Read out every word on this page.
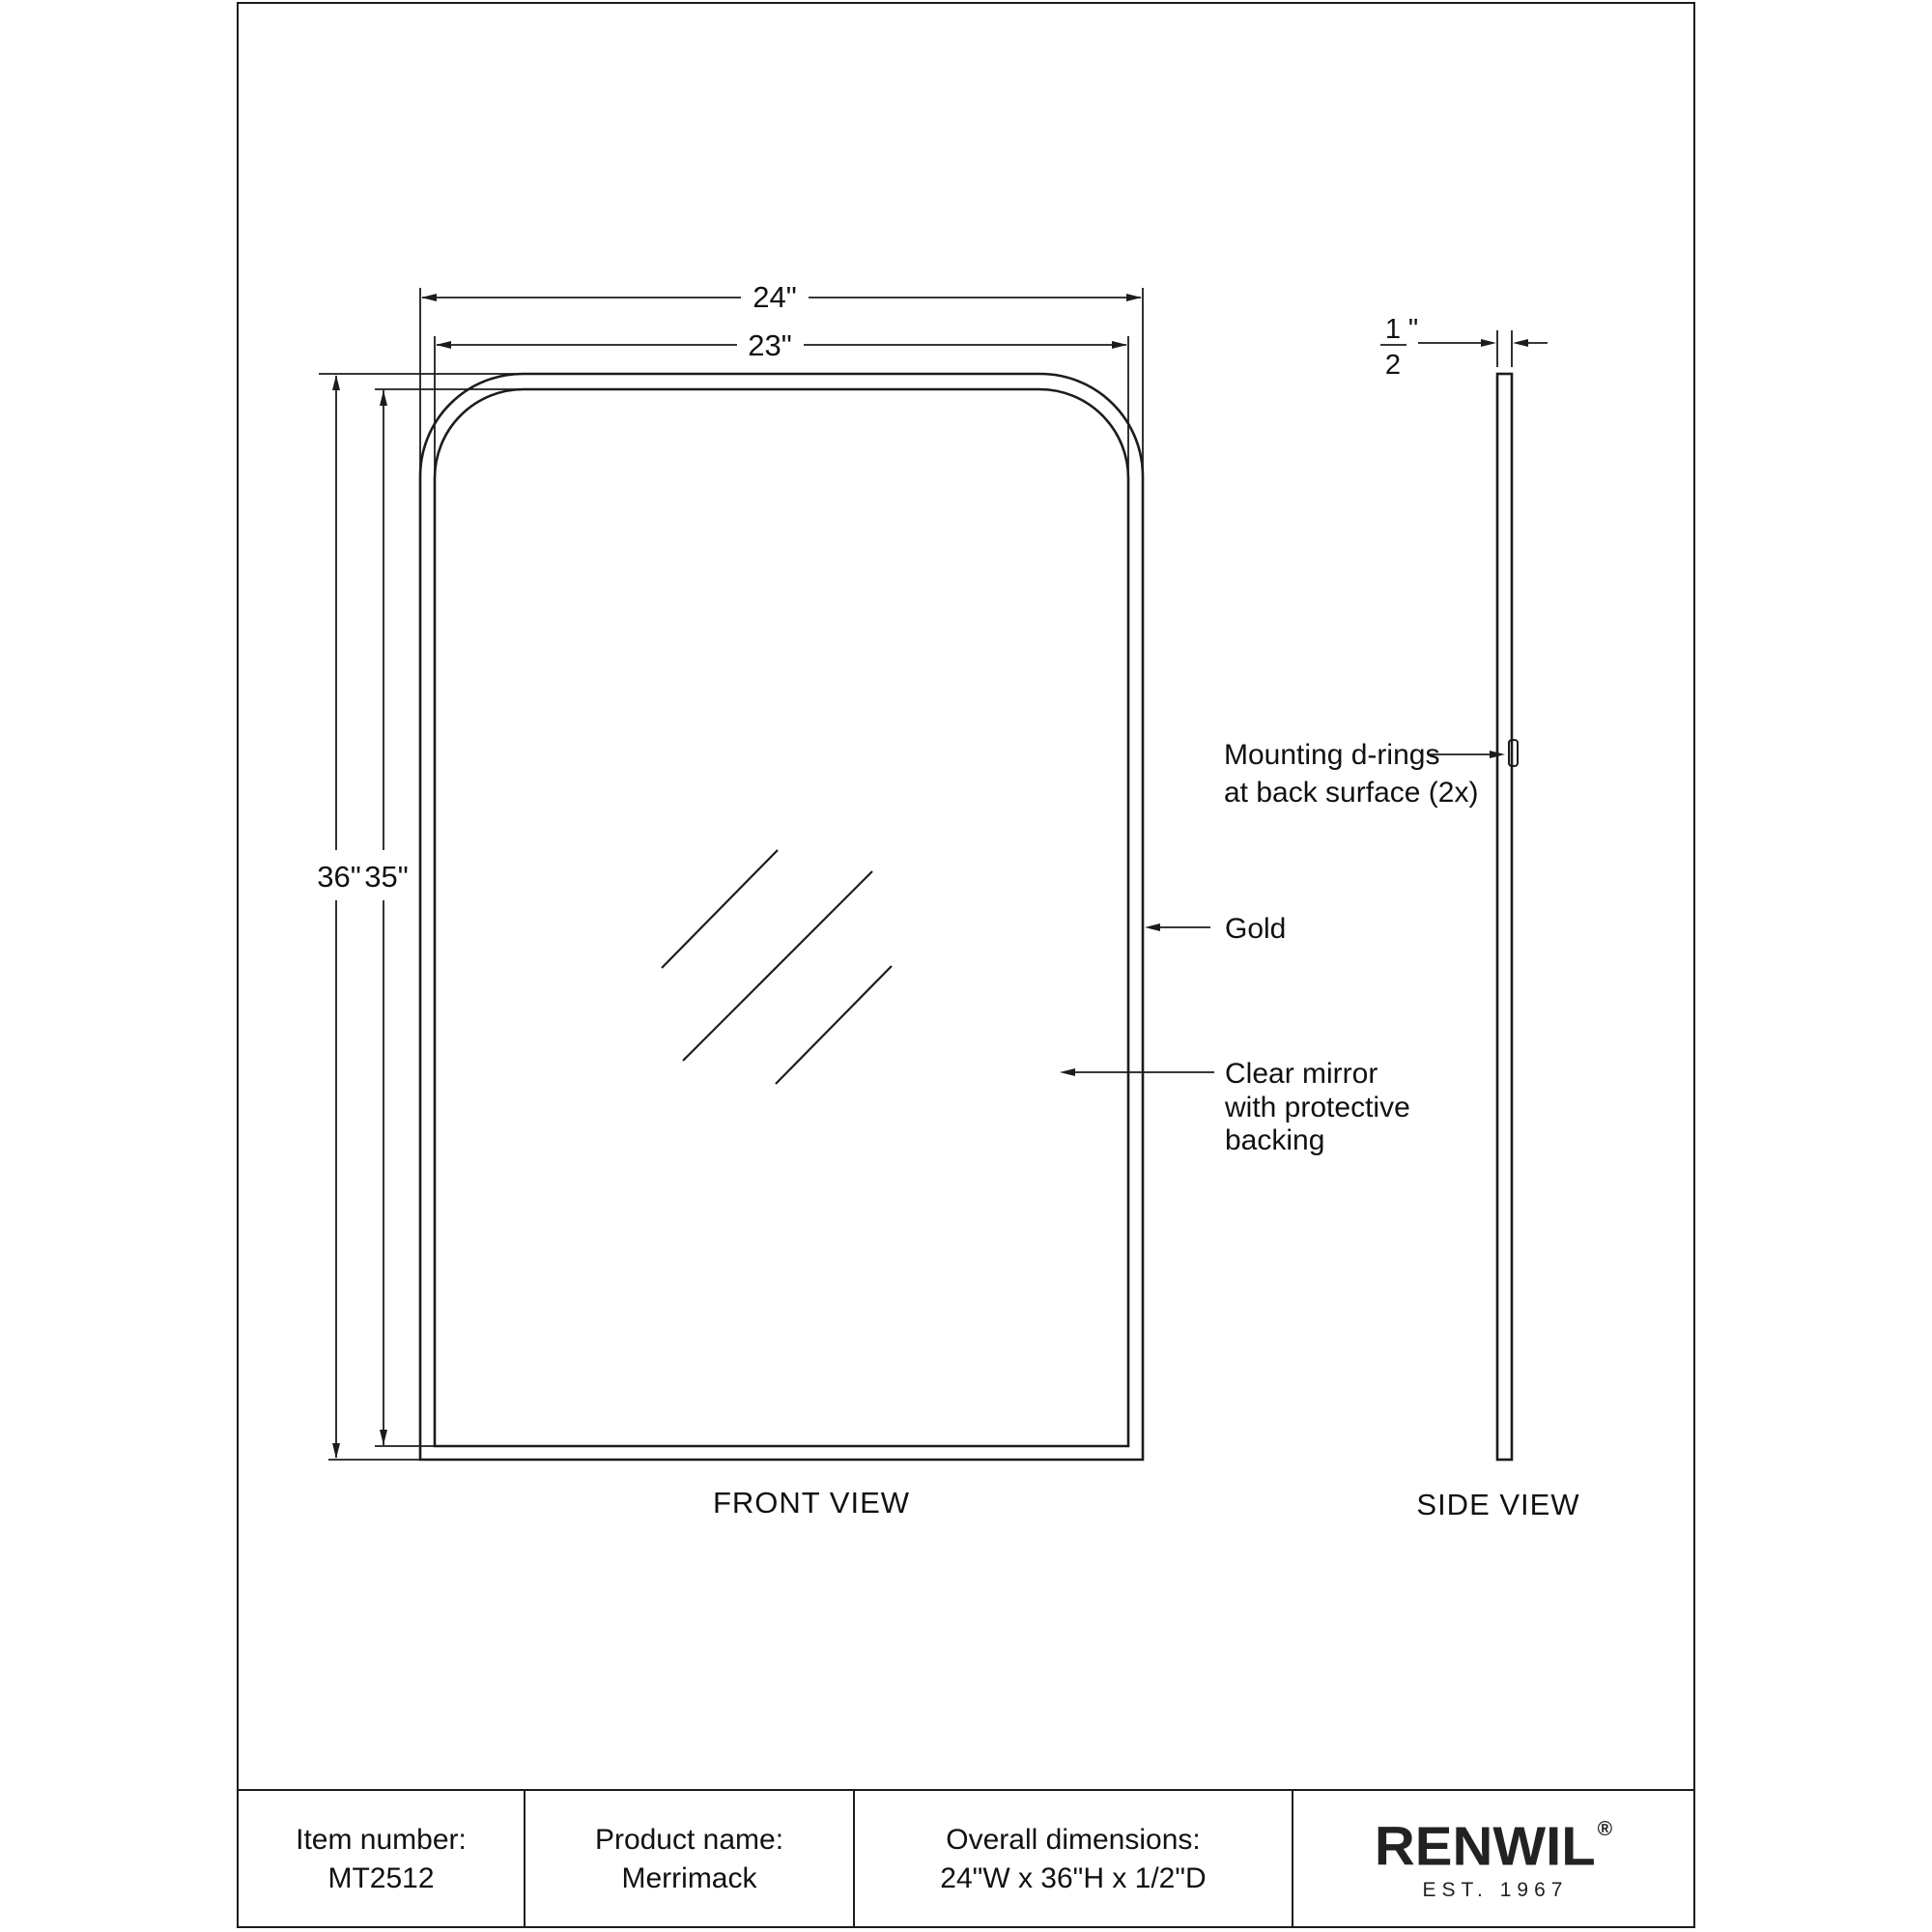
24"
23"
36" 35"
1
2
"
Mounting d-rings
at back surface (2x)
Gold
Clear mirror
with protective
backing
FRONT VIEW	SIDE VIEW
Item number:
MT2512
Product name:
Merrimack
Overall dimensions:
24"W x 36"H x 1/2"D
RENWIL ®
EST. 1967
